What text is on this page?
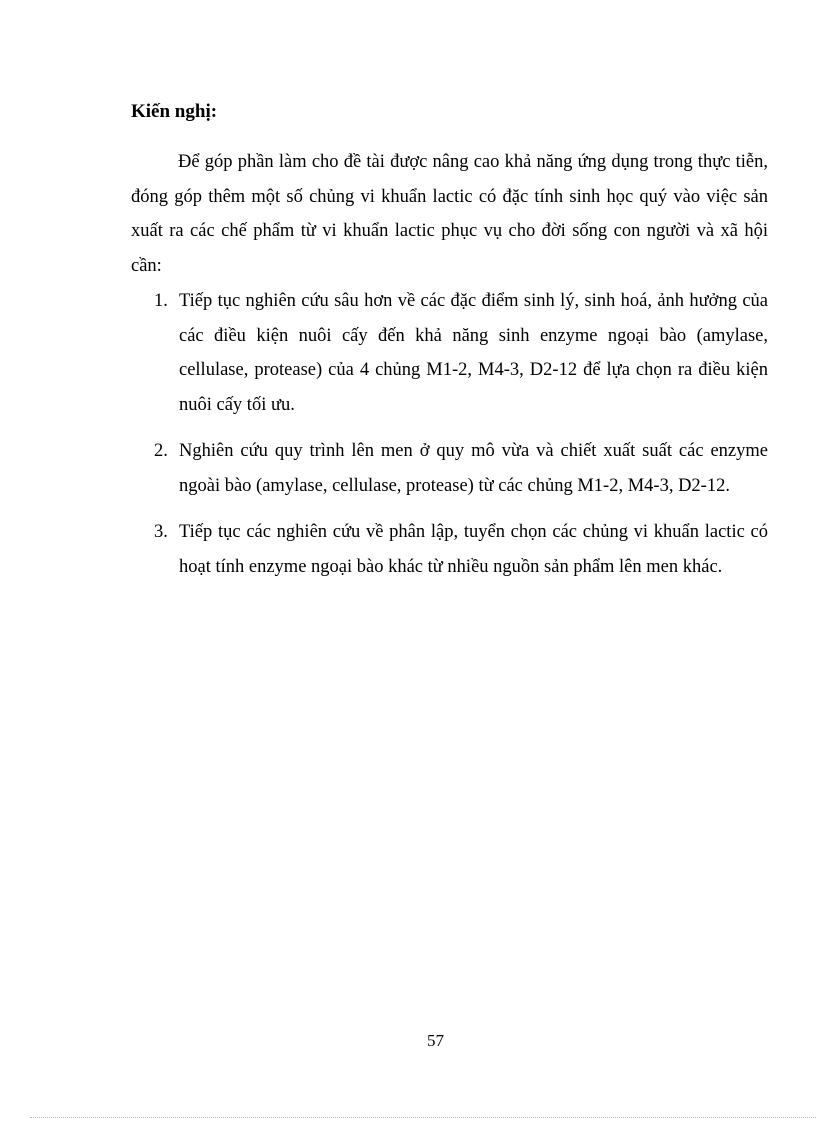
Kiến nghị:

Để góp phần làm cho đề tài được nâng cao khả năng ứng dụng trong thực tiễn, đóng góp thêm một số chủng vi khuẩn lactic có đặc tính sinh học quý vào việc sản xuất ra các chế phẩm từ vi khuẩn lactic phục vụ cho đời sống con người và xã hội cần:

1. Tiếp tục nghiên cứu sâu hơn về các đặc điểm sinh lý, sinh hoá, ảnh hưởng của các điều kiện nuôi cấy đến khả năng sinh enzyme ngoại bào (amylase, cellulase, protease) của 4 chủng M1-2, M4-3, D2-12 để lựa chọn ra điều kiện nuôi cấy tối ưu.
2. Nghiên cứu quy trình lên men ở quy mô vừa và chiết xuất suất các enzyme ngoài bào (amylase, cellulase, protease) từ các chủng M1-2, M4-3, D2-12.
3. Tiếp tục các nghiên cứu về phân lập, tuyển chọn các chủng vi khuẩn lactic có hoạt tính enzyme ngoại bào khác từ nhiều nguồn sản phẩm lên men khác.
57
